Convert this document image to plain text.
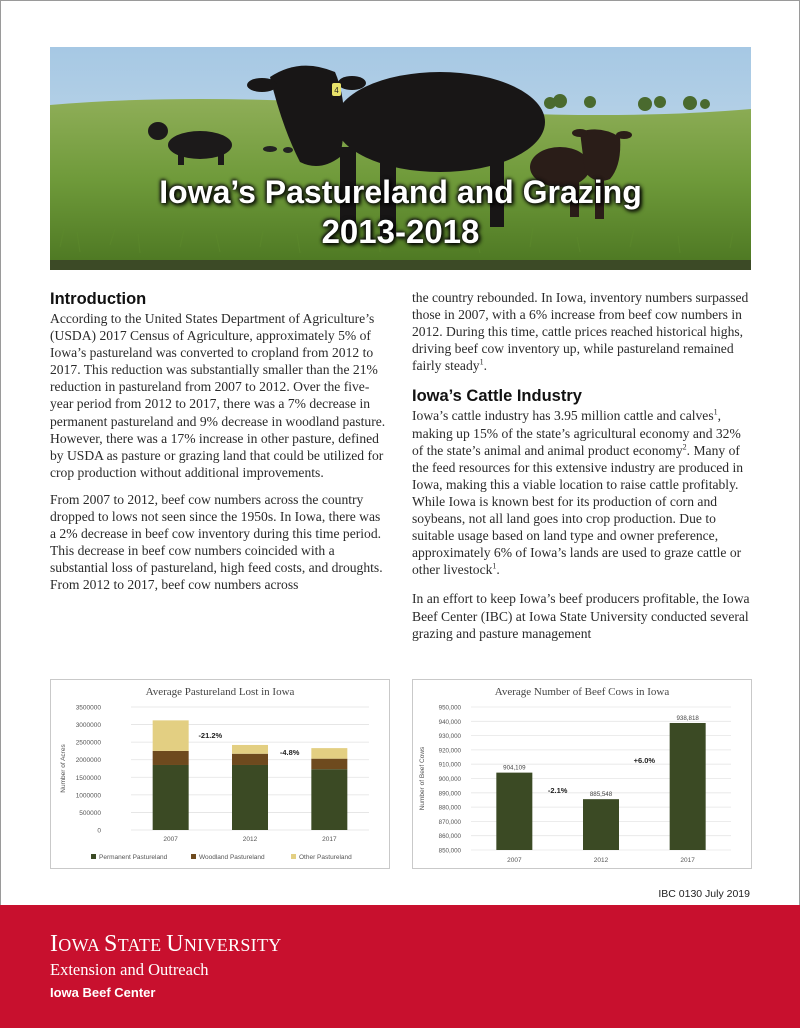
4
Iowa’s Pastureland and Grazing
2013-2018
Introduction

According to the United States Department of Agriculture’s (USDA) 2017 Census of Agriculture, approximately 5% of Iowa’s pastureland was converted to cropland from 2012 to 2017. This reduction was substantially smaller than the 21% reduction in pastureland from 2007 to 2012. Over the five-year period from 2012 to 2017, there was a 7% decrease in permanent pastureland and 9% decrease in woodland pasture. However, there was a 17% increase in other pasture, defined by USDA as pasture or grazing land that could be utilized for crop production without additional improvements.

From 2007 to 2012, beef cow numbers across the country dropped to lows not seen since the 1950s. In Iowa, there was a 2% decrease in beef cow inventory during this time period. This decrease in beef cow numbers coincided with a substantial loss of pastureland, high feed costs, and droughts. From 2012 to 2017, beef cow numbers across

the country rebounded. In Iowa, inventory numbers surpassed those in 2007, with a 6% increase from beef cow numbers in 2012. During this time, cattle prices reached historical highs, driving beef cow inventory up, while pastureland remained fairly steady$^1$.

Iowa’s Cattle Industry

Iowa’s cattle industry has 3.95 million cattle and calves$^1$, making up 15% of the state’s agricultural economy and 32% of the state’s animal and animal product economy$^2$. Many of the feed resources for this extensive industry are produced in Iowa, making this a viable location to raise cattle profitably. While Iowa is known best for its production of corn and soybeans, not all land goes into crop production. Due to suitable usage based on land type and owner preference, approximately 6% of Iowa’s lands are used to graze cattle or other livestock$^1$.

In an effort to keep Iowa’s beef producers profitable, the Iowa Beef Center (IBC) at Iowa State University conducted several grazing and pasture management

Average Pastureland Lost in Iowa
Number of Acres
0
500000
1000000
1500000
2000000
2500000
3000000
3500000
2007	2012	2017
-21.2%
-4.8%
Permanent Pastureland	Woodland Pastureland	Other Pastureland
Average Number of Beef Cows in Iowa
Number of Beef Cows
850,000
860,000
870,000
880,000
890,000
900,000
910,000
920,000
930,000
940,000
950,000
904,109
2007
885,548
2012
938,818
2017
-2.1%
+6.0%
IBC 0130 July 2019
IOWA STATE UNIVERSITY
Extension and Outreach
Iowa Beef Center
